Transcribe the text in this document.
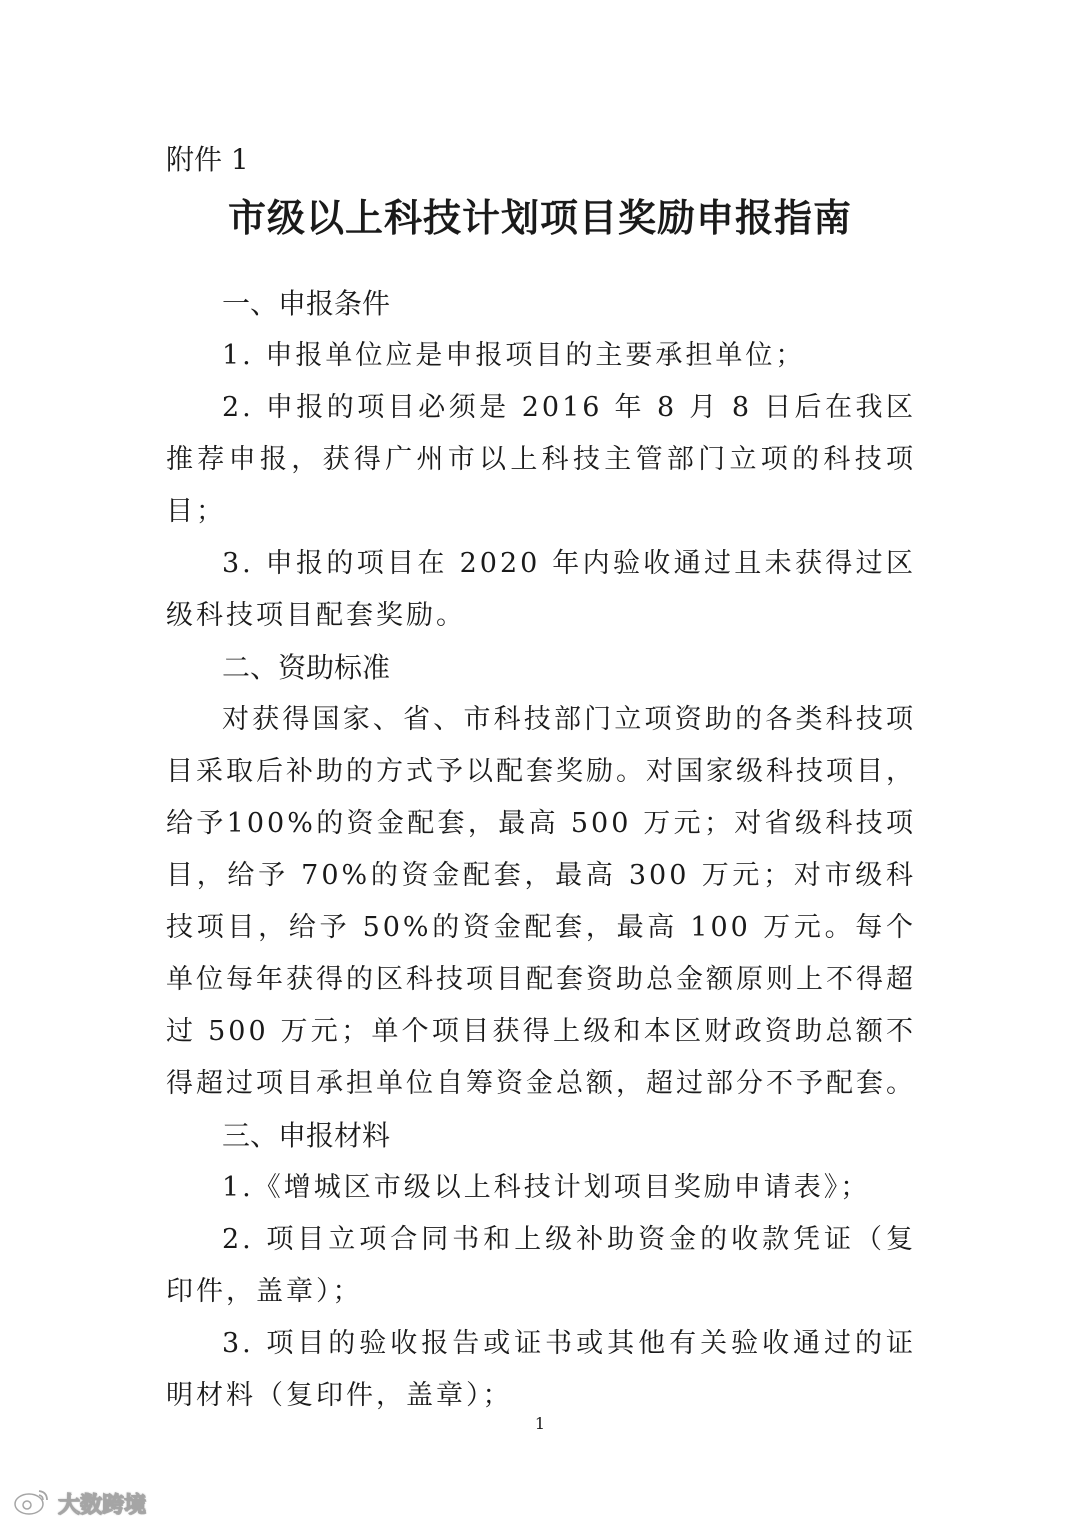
附件 1
市级以上科技计划项目奖励申报指南
一、申报条件

1. 申报单位应是申报项目的主要承担单位；

2. 申报的项目必须是 2016 年 8 月 8 日后在我区推荐申报，获得广州市以上科技主管部门立项的科技项目；

3. 申报的项目在 2020 年内验收通过且未获得过区级科技项目配套奖励。

二、资助标准

对获得国家、省、市科技部门立项资助的各类科技项目采取后补助的方式予以配套奖励。对国家级科技项目，给予100%的资金配套，最高 500 万元；对省级科技项目，给予 70%的资金配套，最高 300 万元；对市级科技项目，给予 50%的资金配套，最高 100 万元。每个单位每年获得的区科技项目配套资助总金额原则上不得超过 500 万元；单个项目获得上级和本区财政资助总额不得超过项目承担单位自筹资金总额，超过部分不予配套。

三、申报材料

1.《增城区市级以上科技计划项目奖励申请表》；

2. 项目立项合同书和上级补助资金的收款凭证（复印件，盖章）；

3. 项目的验收报告或证书或其他有关验收通过的证明材料（复印件，盖章）；

1
大数跨境
